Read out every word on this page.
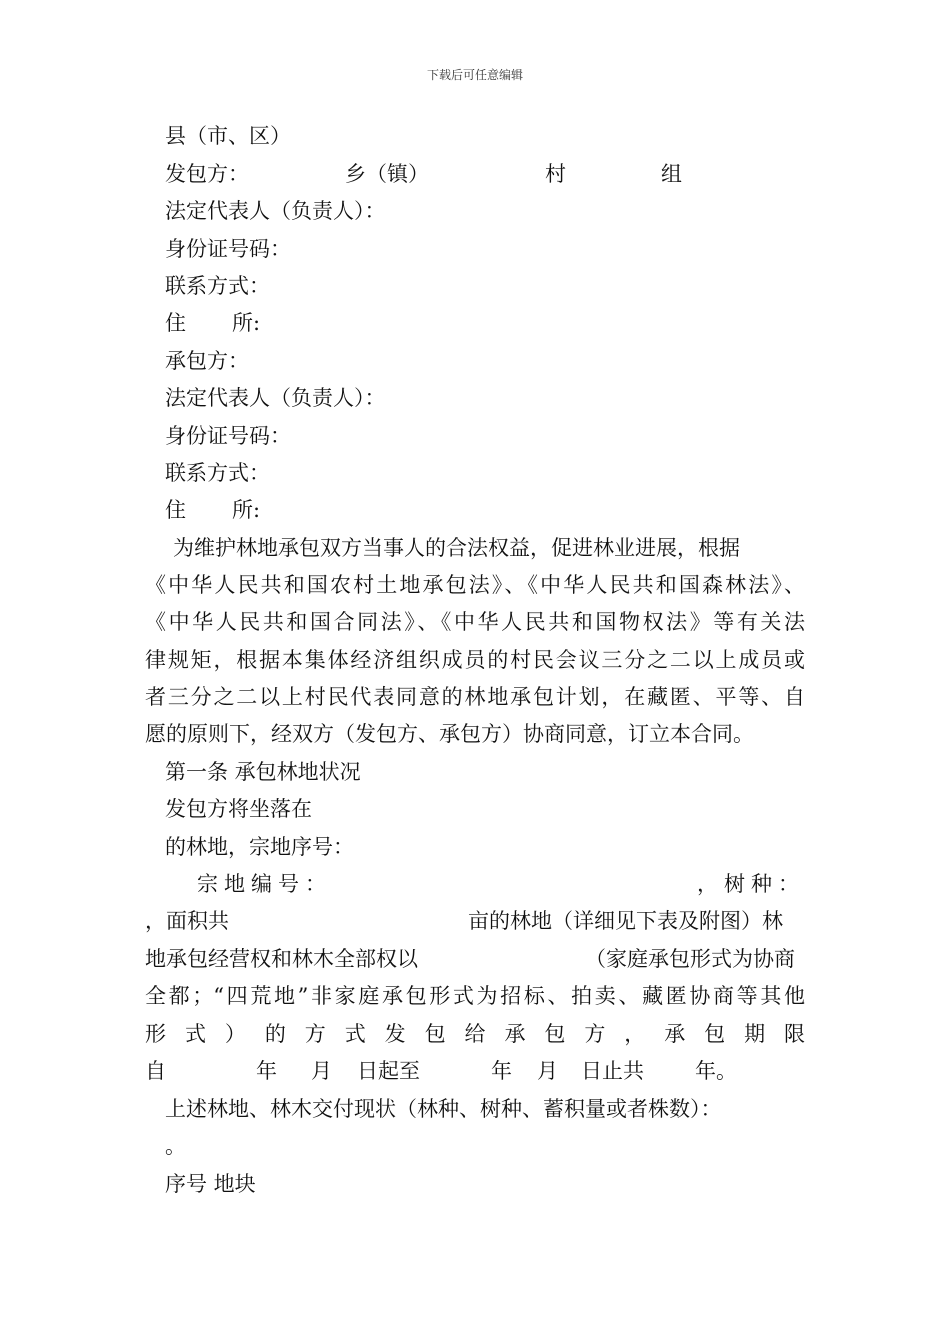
下载后可任意编辑
县（市、区）
发包方：	乡（镇）	村	组
法定代表人（负责人）：
身份证号码：
联系方式：
住 所:
承包方：
法定代表人（负责人）：
身份证号码：
联系方式：
住 所:
为维护林地承包双方当事人的合法权益，促进林业进展，根据
《中华人民共和国农村土地承包法》、《中华人民共和国森林法》、
《中华人民共和国合同法》、《中华人民共和国物权法》等有关法
律规矩，根据本集体经济组织成员的村民会议三分之二以上成员或
者三分之二以上村民代表同意的林地承包计划，在藏匿、平等、自
愿的原则下，经双方（发包方、承包方）协商同意，订立本合同。
第一条 承包林地状况
发包方将坐落在
的林地，宗地序号：
宗地编号：	，树种：
，面积共	亩的林地（详细见下表及附图）林
地承包经营权和林木全部权以	（家庭承包形式为协商
全都；“四荒地”非家庭承包形式为招标、拍卖、藏匿协商等其他
形 式 ） 的 方 式 发 包 给 承 包 方 ， 承 包 期 限
自	年 月 日起至	年 月 日止共 年。
上述林地、林木交付现状（林种、树种、蓄积量或者株数）：
。
序号 地块
